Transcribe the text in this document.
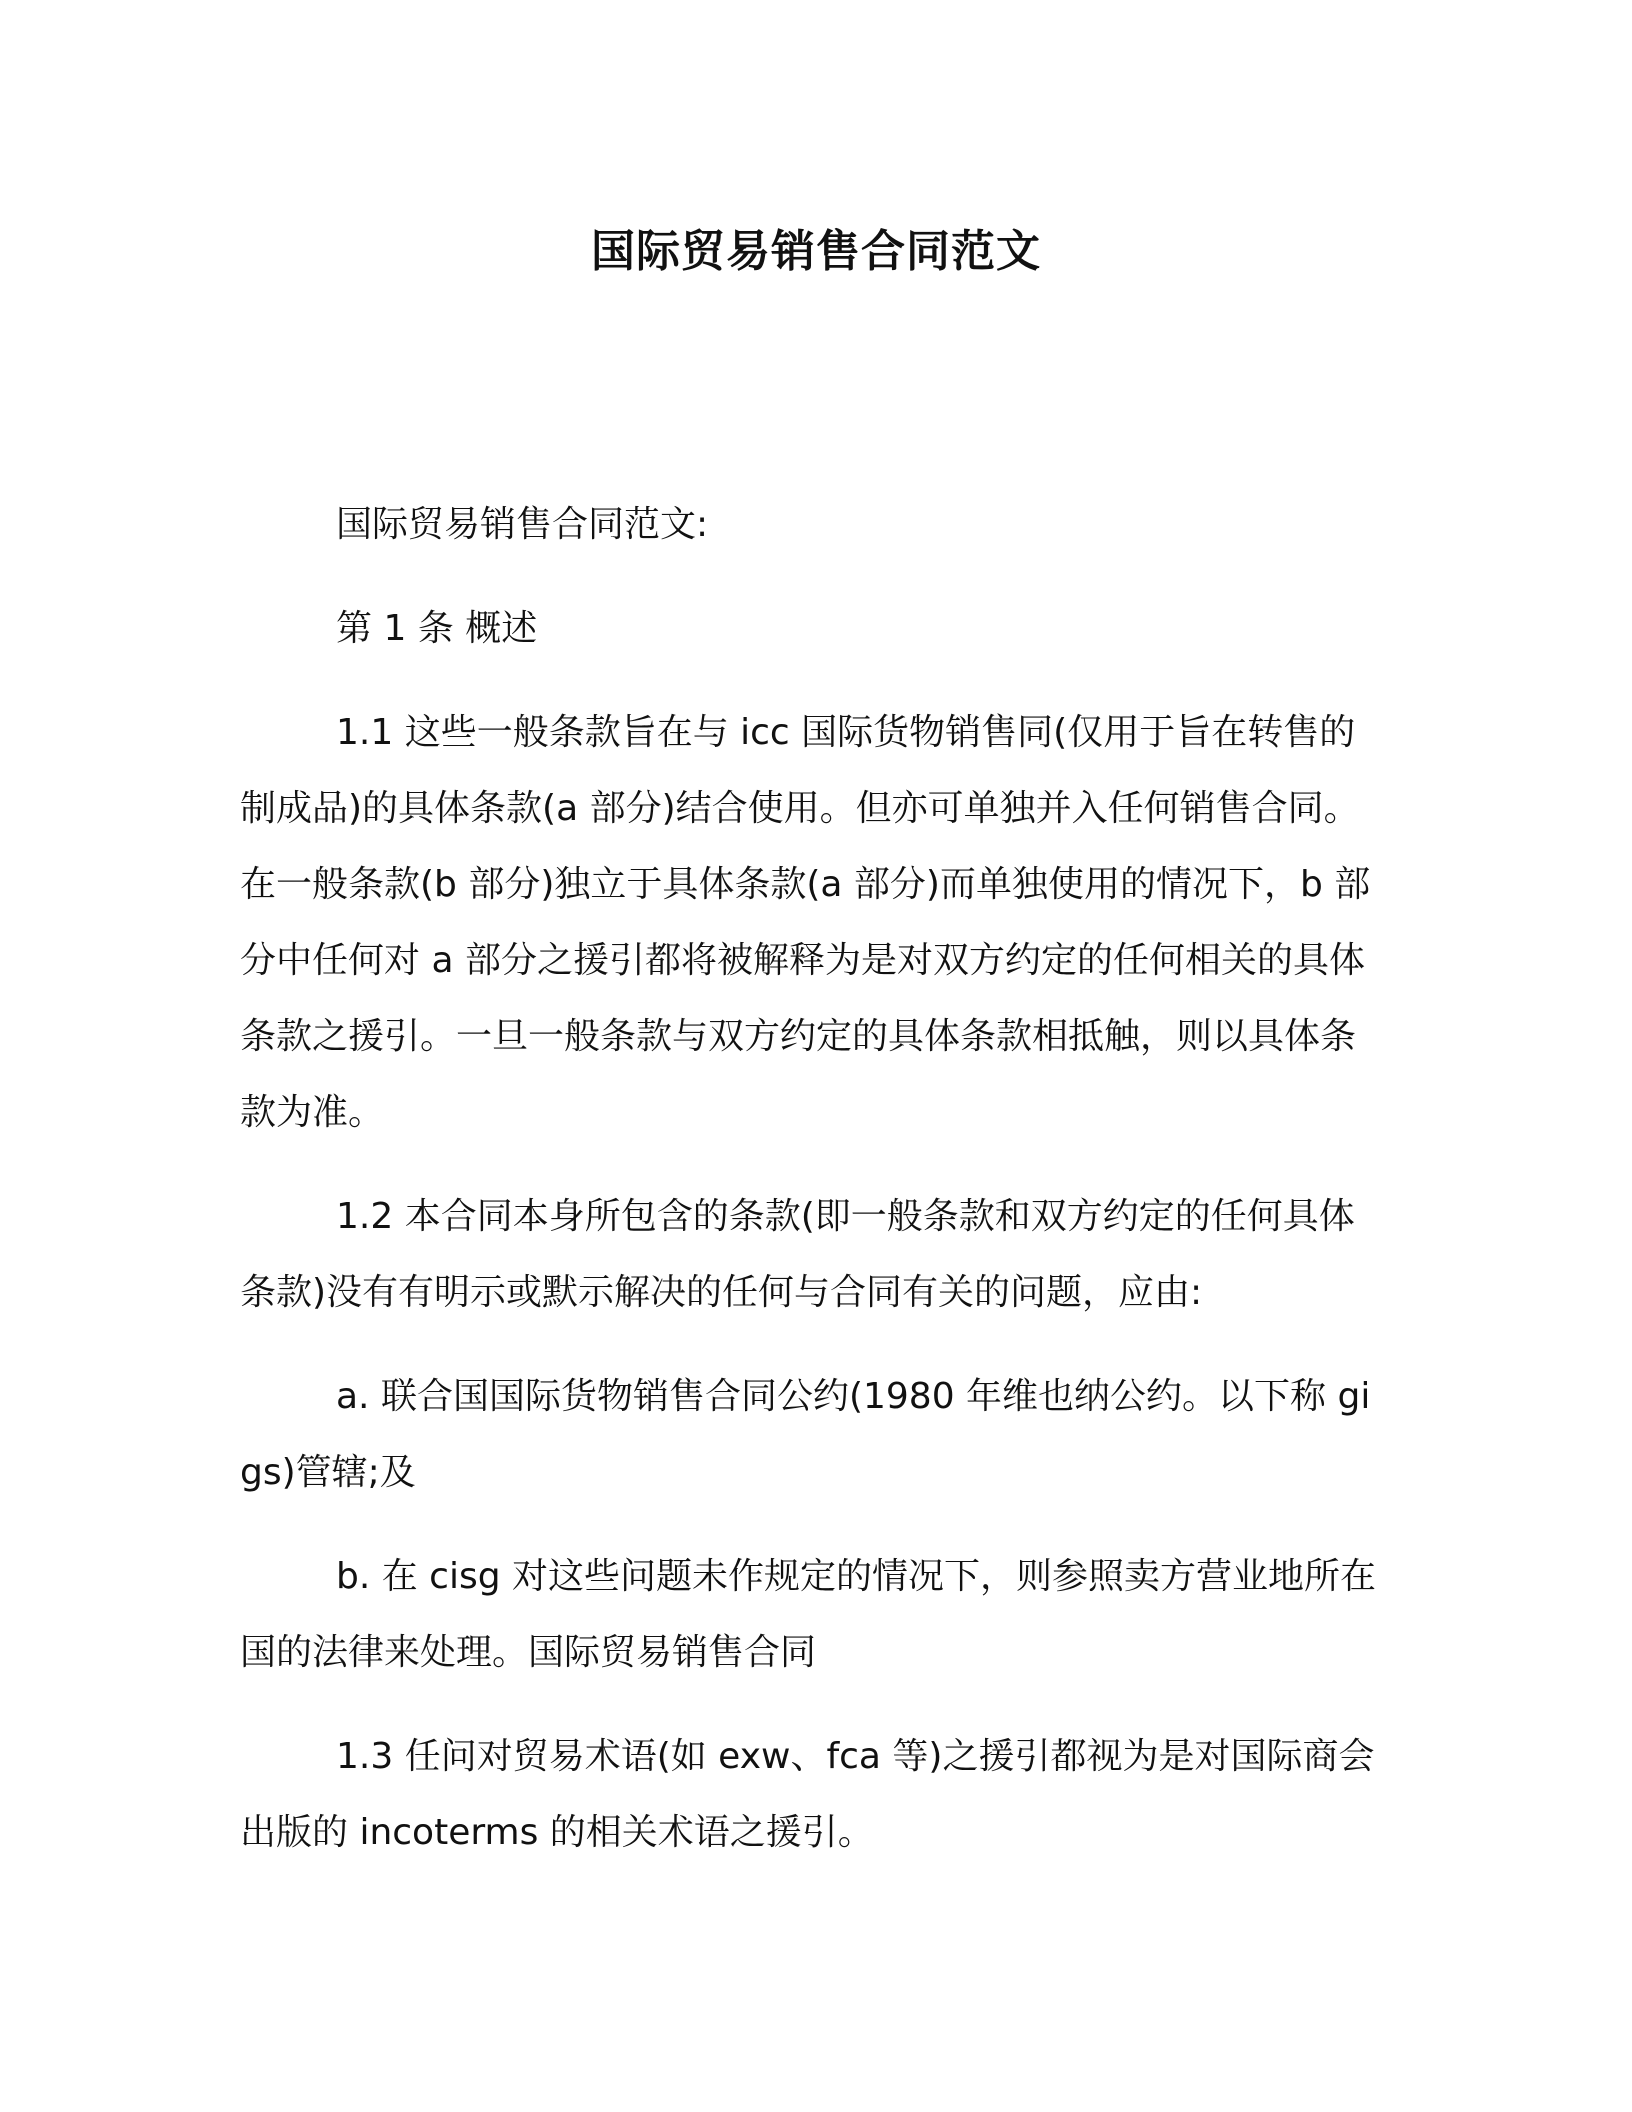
国际贸易销售合同范文

国际贸易销售合同范文:

第 1 条 概述

1.1 这些一般条款旨在与 icc 国际货物销售同(仅用于旨在转售的制成品)的具体条款(a 部分)结合使用。但亦可单独并入任何销售合同。在一般条款(b 部分)独立于具体条款(a 部分)而单独使用的情况下，b 部分中任何对 a 部分之援引都将被解释为是对双方约定的任何相关的具体条款之援引。一旦一般条款与双方约定的具体条款相抵触，则以具体条款为准。

1.2 本合同本身所包含的条款(即一般条款和双方约定的任何具体条款)没有有明示或默示解决的任何与合同有关的问题，应由:

a. 联合国国际货物销售合同公约(1980 年维也纳公约。以下称 gigs)管辖;及

b. 在 cisg 对这些问题未作规定的情况下，则参照卖方营业地所在国的法律来处理。国际贸易销售合同

1.3 任问对贸易术语(如 exw、fca 等)之援引都视为是对国际商会出版的 incoterms 的相关术语之援引。
